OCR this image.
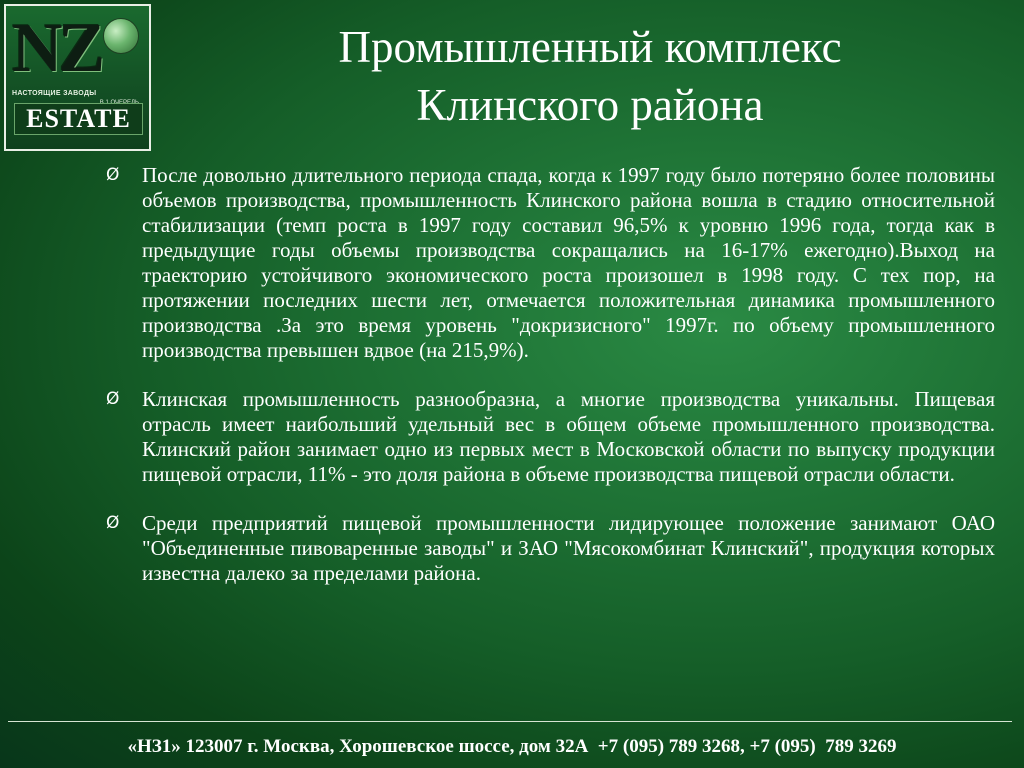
NZ
НАСТОЯЩИЕ ЗАВОДЫ
ESTATE
Промышленный комплекс
Клинского района
Ø	После довольно длительного периода спада, когда к 1997 году было потеряно более половины объемов производства, промышленность Клинского района вошла в стадию относительной стабилизации (темп роста в 1997 году составил 96,5% к уровню 1996 года, тогда как в предыдущие годы объемы производства сокращались на 16-17% ежегодно).Выход на траекторию устойчивого экономического роста произошел в 1998 году. С тех пор, на протяжении последних шести лет, отмечается положительная динамика промышленного производства .За это время уровень "докризисного" 1997г. по объему промышленного производства превышен вдвое (на 215,9%).
Ø	Клинская промышленность разнообразна, а многие производства уникальны. Пищевая отрасль имеет наибольший удельный вес в общем объеме промышленного производства. Клинский район занимает одно из первых мест в Московской области по выпуску продукции пищевой отрасли, 11% - это доля района в объеме производства пищевой отрасли области.
Ø	Среди предприятий пищевой промышленности лидирующее положение занимают ОАО "Объединенные пивоваренные заводы" и ЗАО "Мясокомбинат Клинский", продукция которых известна далеко за пределами района.
«НЗ1» 123007 г. Москва, Хорошевское шоссе, дом 32А  +7 (095) 789 3268, +7 (095)  789 3269
